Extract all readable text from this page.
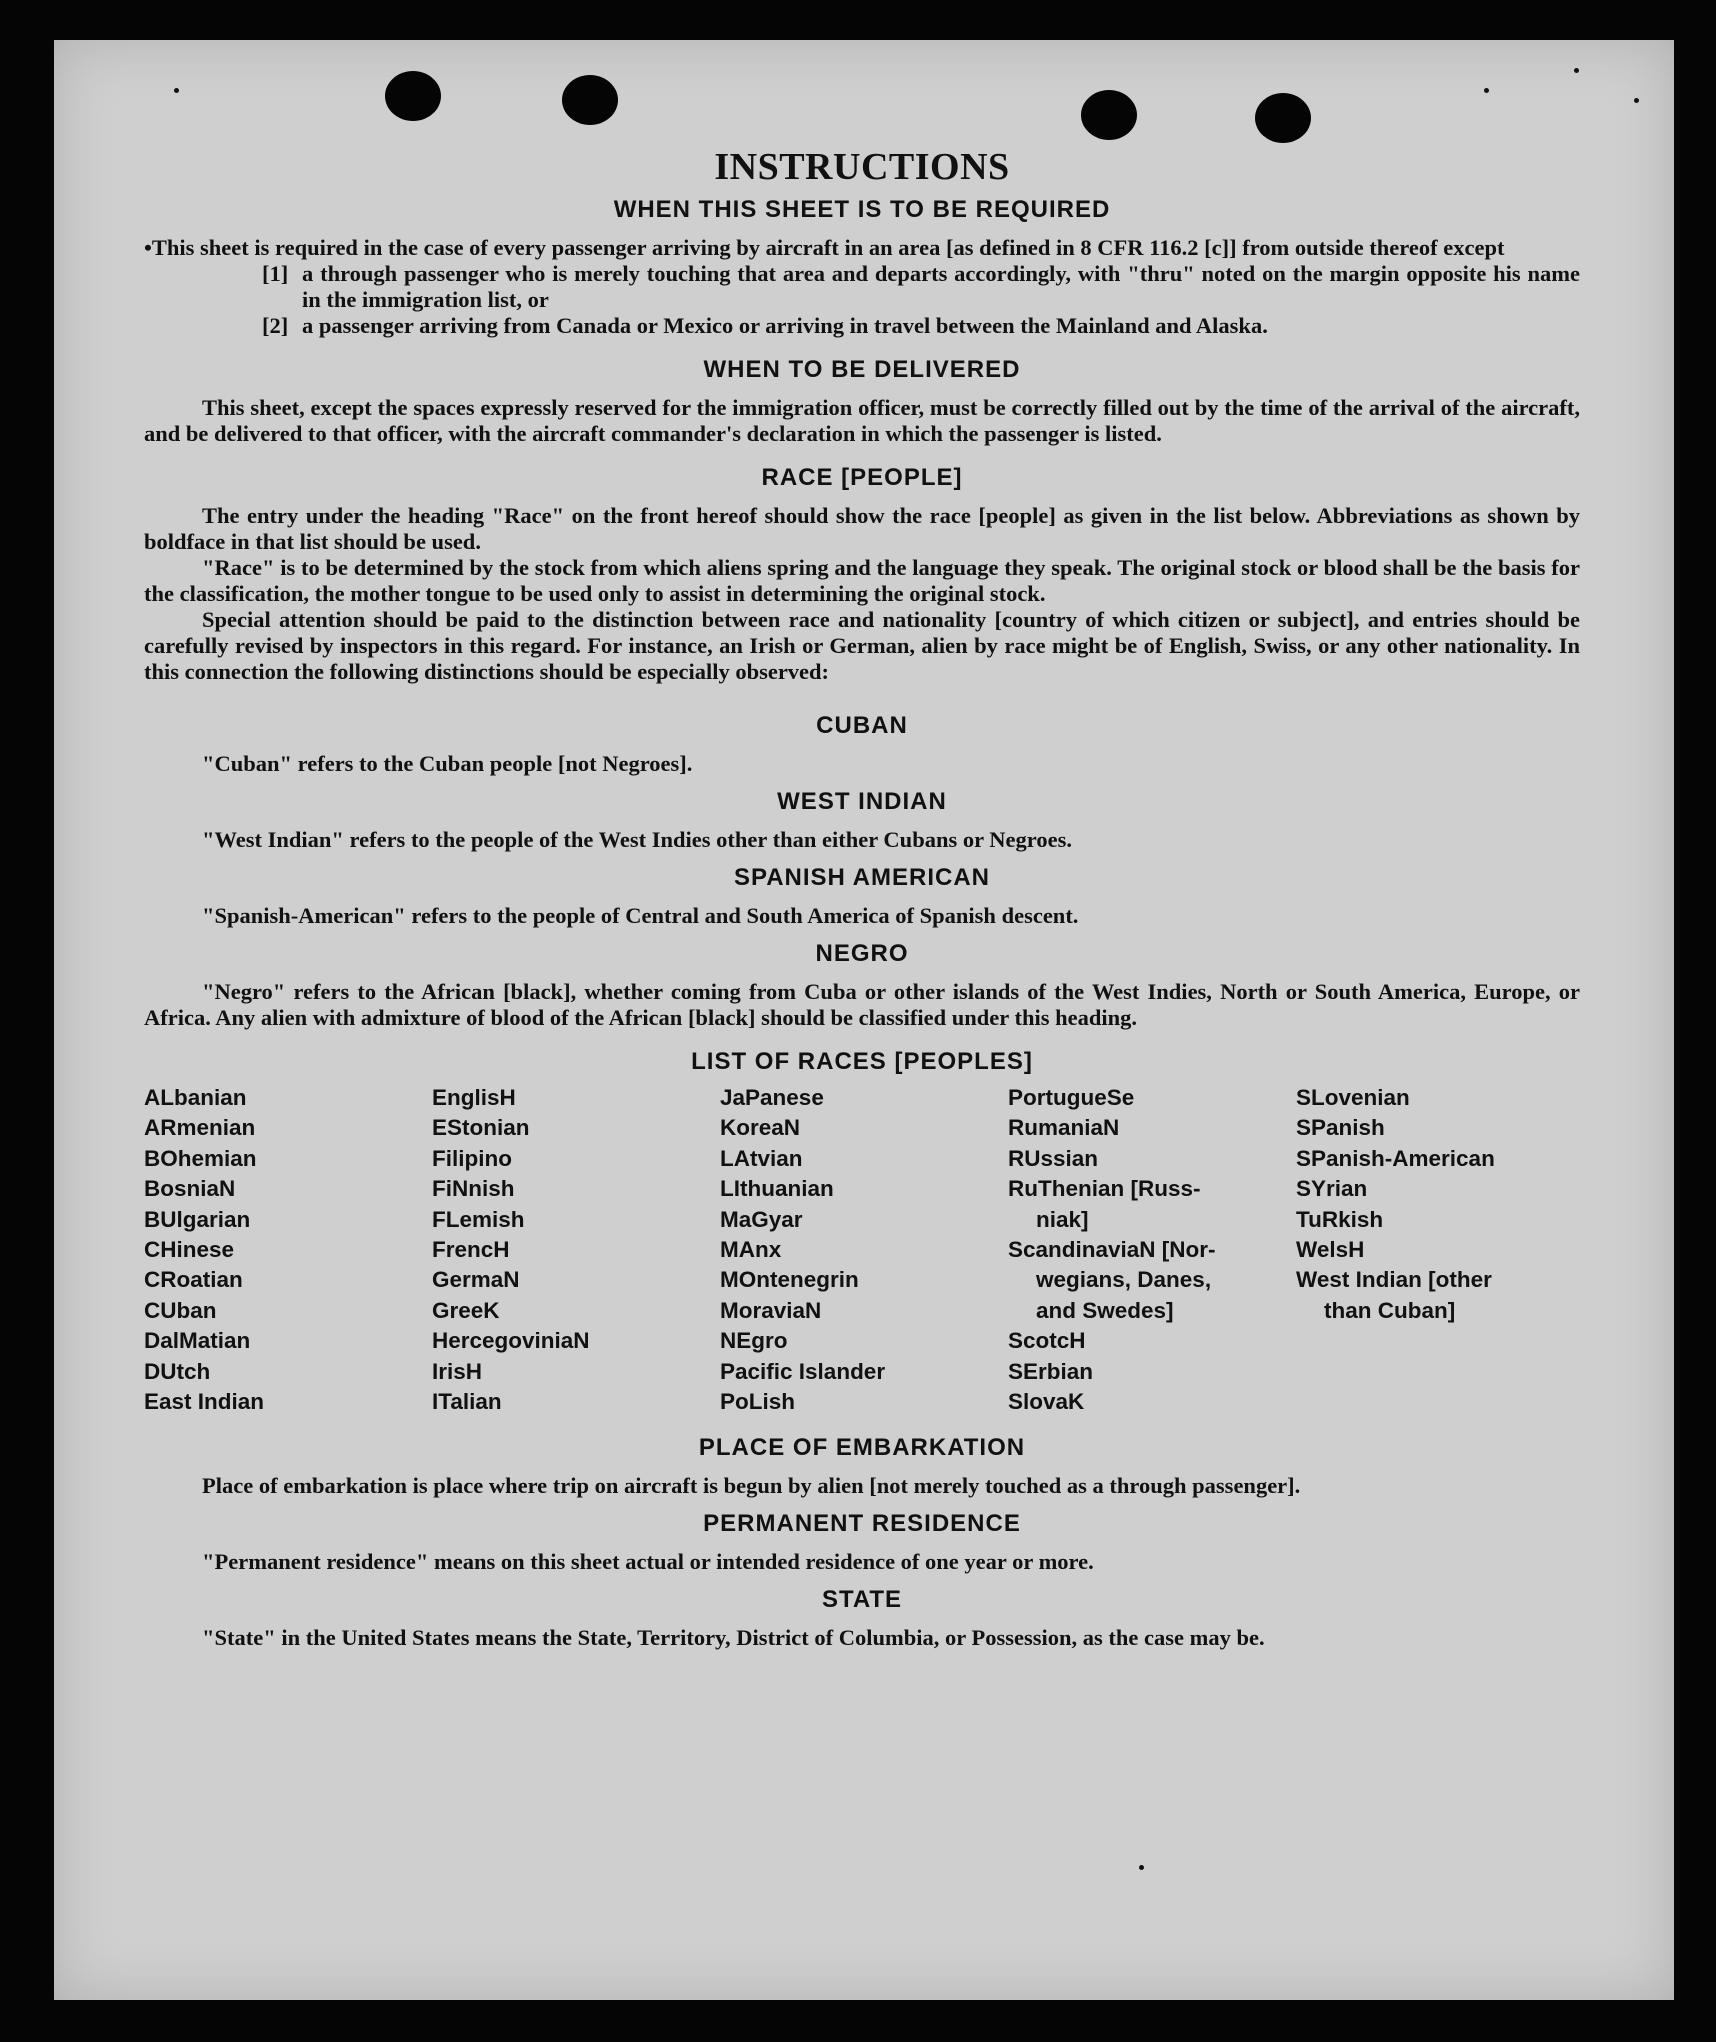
INSTRUCTIONS
WHEN THIS SHEET IS TO BE REQUIRED
•This sheet is required in the case of every passenger arriving by aircraft in an area [as defined in 8 CFR 116.2 [c]] from outside thereof except
[1] a through passenger who is merely touching that area and departs accordingly, with "thru" noted on the margin opposite his name in the immigration list, or
[2] a passenger arriving from Canada or Mexico or arriving in travel between the Mainland and Alaska.
WHEN TO BE DELIVERED
This sheet, except the spaces expressly reserved for the immigration officer, must be correctly filled out by the time of the arrival of the aircraft, and be delivered to that officer, with the aircraft commander's declaration in which the passenger is listed.
RACE [PEOPLE]
The entry under the heading "Race" on the front hereof should show the race [people] as given in the list below. Abbreviations as shown by boldface in that list should be used.
"Race" is to be determined by the stock from which aliens spring and the language they speak. The original stock or blood shall be the basis for the classification, the mother tongue to be used only to assist in determining the original stock.
Special attention should be paid to the distinction between race and nationality [country of which citizen or subject], and entries should be carefully revised by inspectors in this regard. For instance, an Irish or German, alien by race might be of English, Swiss, or any other nationality. In this connection the following distinctions should be especially observed:
CUBAN
"Cuban" refers to the Cuban people [not Negroes].
WEST INDIAN
"West Indian" refers to the people of the West Indies other than either Cubans or Negroes.
SPANISH AMERICAN
"Spanish-American" refers to the people of Central and South America of Spanish descent.
NEGRO
"Negro" refers to the African [black], whether coming from Cuba or other islands of the West Indies, North or South America, Europe, or Africa. Any alien with admixture of blood of the African [black] should be classified under this heading.
LIST OF RACES [PEOPLES]
ALbanian
ARmenian
BOhemian
BosniaN
BUlgarian
CHinese
CRoatian
CUban
DalMatian
DUtch
East Indian
EnglisH
EStonian
Filipino
FiNnish
FLemish
FrencH
GermaN
GreeK
HercegoviniaN
IrisH
ITalian
JaPanese
KoreaN
LAtvian
LIthuanian
MaGyar
MAnx
MOntenegrin
MoraviaN
NEgro
Pacific Islander
PoLish
PortugueSe
RumaniaN
RUssian
RuThenian [Russ-
niak]
ScandinaviaN [Nor-
wegians, Danes,
and Swedes]
ScotcH
SErbian
SlovaK
SLovenian
SPanish
SPanish-American
SYrian
TuRkish
WelsH
West Indian [other
than Cuban]
PLACE OF EMBARKATION
Place of embarkation is place where trip on aircraft is begun by alien [not merely touched as a through passenger].
PERMANENT RESIDENCE
"Permanent residence" means on this sheet actual or intended residence of one year or more.
STATE
"State" in the United States means the State, Territory, District of Columbia, or Possession, as the case may be.
